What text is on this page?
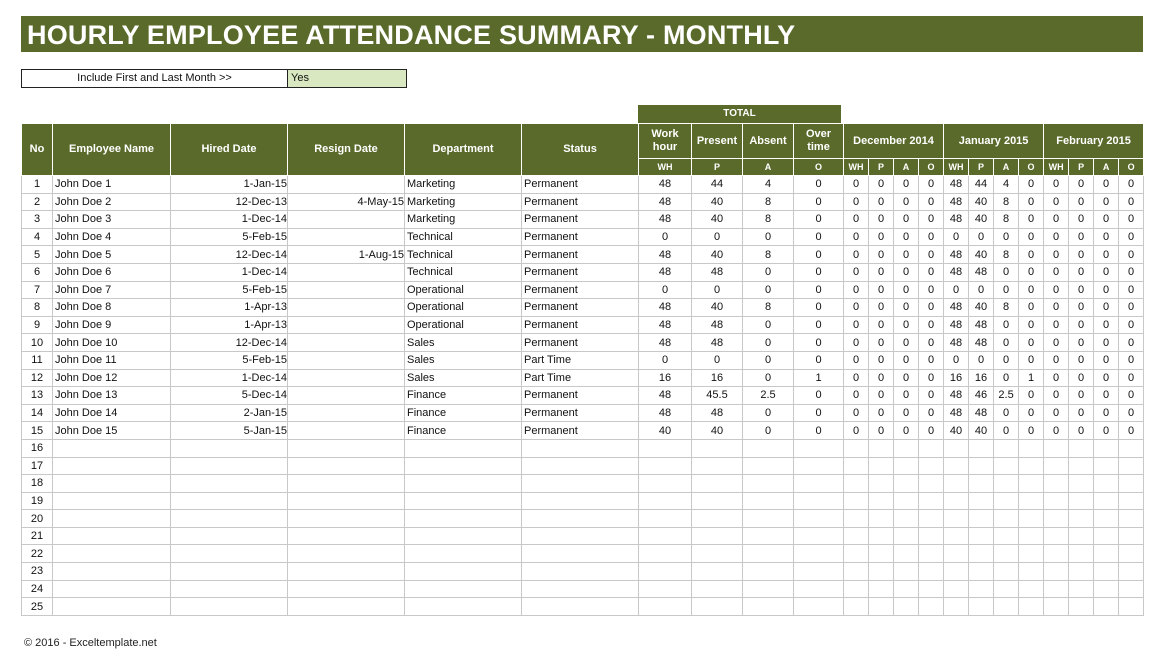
HOURLY EMPLOYEE ATTENDANCE SUMMARY - MONTHLY
Include First and Last Month >>	Yes
TOTAL
No	Employee Name	Hired Date	Resign Date	Department	Status	Work hour	Present	Absent	Over time	December 2014				January 2015				February 2015			
						WH	P	A	O	WH	P	A	O	WH	P	A	O	WH	P	A	O
1	John Doe 1	1-Jan-15		Marketing	Permanent	48	44	4	0	0	0	0	0	48	44	4	0	0	0	0	0
2	John Doe 2	12-Dec-13	4-May-15	Marketing	Permanent	48	40	8	0	0	0	0	0	48	40	8	0	0	0	0	0
3	John Doe 3	1-Dec-14		Marketing	Permanent	48	40	8	0	0	0	0	0	48	40	8	0	0	0	0	0
4	John Doe 4	5-Feb-15		Technical	Permanent	0	0	0	0	0	0	0	0	0	0	0	0	0	0	0	0
5	John Doe 5	12-Dec-14	1-Aug-15	Technical	Permanent	48	40	8	0	0	0	0	0	48	40	8	0	0	0	0	0
6	John Doe 6	1-Dec-14		Technical	Permanent	48	48	0	0	0	0	0	0	48	48	0	0	0	0	0	0
7	John Doe 7	5-Feb-15		Operational	Permanent	0	0	0	0	0	0	0	0	0	0	0	0	0	0	0	0
8	John Doe 8	1-Apr-13		Operational	Permanent	48	40	8	0	0	0	0	0	48	40	8	0	0	0	0	0
9	John Doe 9	1-Apr-13		Operational	Permanent	48	48	0	0	0	0	0	0	48	48	0	0	0	0	0	0
10	John Doe 10	12-Dec-14		Sales	Permanent	48	48	0	0	0	0	0	0	48	48	0	0	0	0	0	0
11	John Doe 11	5-Feb-15		Sales	Part Time	0	0	0	0	0	0	0	0	0	0	0	0	0	0	0	0
12	John Doe 12	1-Dec-14		Sales	Part Time	16	16	0	1	0	0	0	0	16	16	0	1	0	0	0	0
13	John Doe 13	5-Dec-14		Finance	Permanent	48	45.5	2.5	0	0	0	0	0	48	46	2.5	0	0	0	0	0
14	John Doe 14	2-Jan-15		Finance	Permanent	48	48	0	0	0	0	0	0	48	48	0	0	0	0	0	0
15	John Doe 15	5-Jan-15		Finance	Permanent	40	40	0	0	0	0	0	0	40	40	0	0	0	0	0	0
16																					
17																					
18																					
19																					
20																					
21																					
22																					
23																					
24																					
25																					
© 2016 - Exceltemplate.net
